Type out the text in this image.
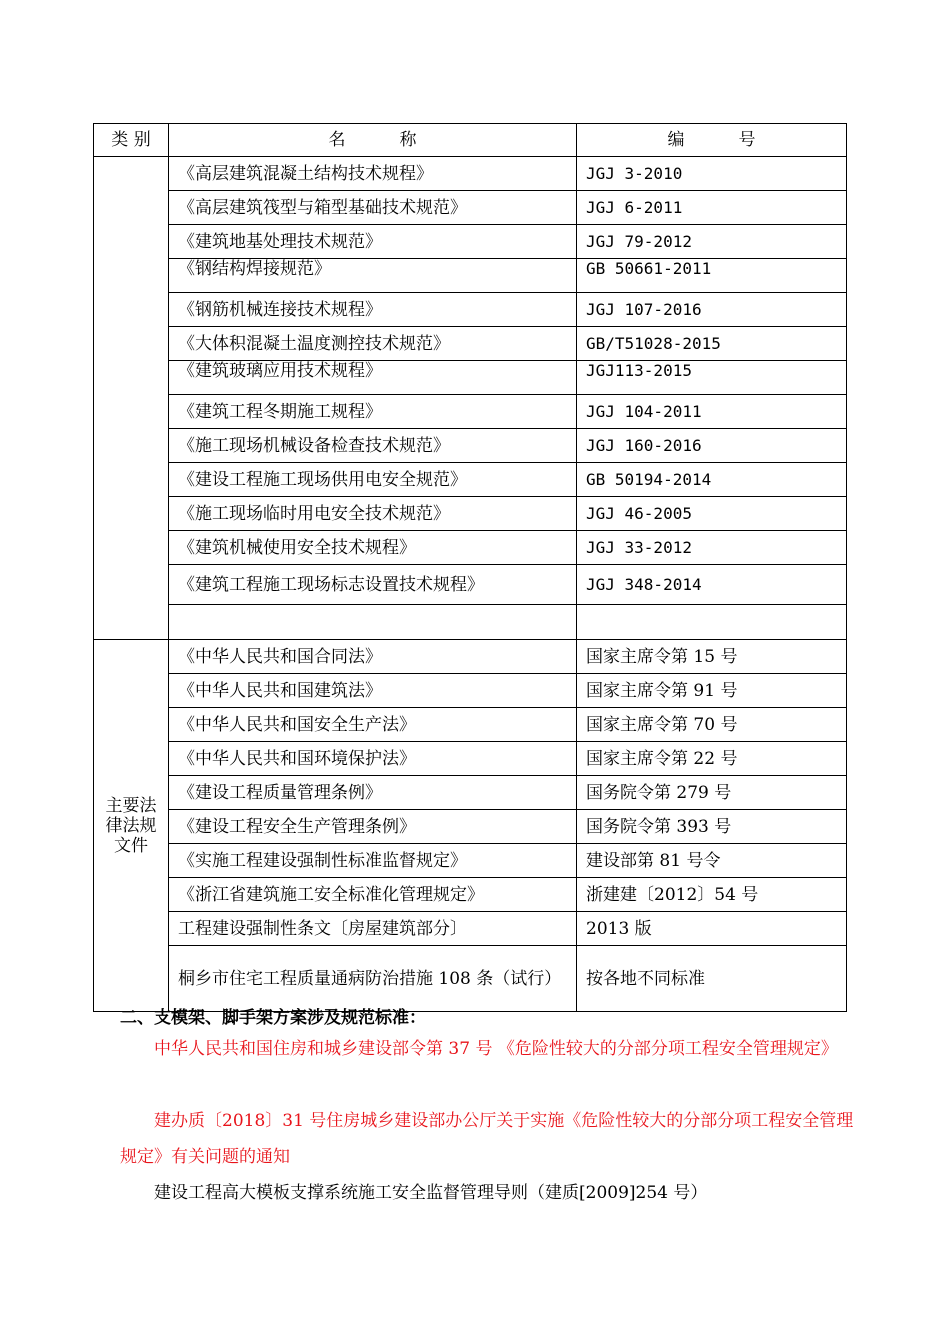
类 别	名          称	编          号
	《高层建筑混凝土结构技术规程》	JGJ 3-2010
	《高层建筑筏型与箱型基础技术规范》	JGJ 6-2011
	《建筑地基处理技术规范》	JGJ 79-2012
	《钢结构焊接规范》	GB 50661-2011
	《钢筋机械连接技术规程》	JGJ 107-2016
	《大体积混凝土温度测控技术规范》	GB/T51028-2015
	《建筑玻璃应用技术规程》	JGJ113-2015
	《建筑工程冬期施工规程》	JGJ 104-2011
	《施工现场机械设备检查技术规范》	JGJ 160-2016
	《建设工程施工现场供用电安全规范》	GB 50194-2014
	《施工现场临时用电安全技术规范》	JGJ 46-2005
	《建筑机械使用安全技术规程》	JGJ 33-2012
	《建筑工程施工现场标志设置技术规程》	JGJ 348-2014

主要法律法规文件	《中华人民共和国合同法》	国家主席令第 15 号
	《中华人民共和国建筑法》	国家主席令第 91 号
	《中华人民共和国安全生产法》	国家主席令第 70 号
	《中华人民共和国环境保护法》	国家主席令第 22 号
	《建设工程质量管理条例》	国务院令第 279 号
	《建设工程安全生产管理条例》	国务院令第 393 号
	《实施工程建设强制性标准监督规定》	建设部第 81 号令
	《浙江省建筑施工安全标准化管理规定》	浙建建〔2012〕54 号
	工程建设强制性条文〔房屋建筑部分〕	2013 版
	桐乡市住宅工程质量通病防治措施 108 条（试行）	按各地不同标准
二、支模架、脚手架方案涉及规范标准：
中华人民共和国住房和城乡建设部令第 37 号 《危险性较大的分部分项工程安全管理规定》
建办质〔2018〕31 号住房城乡建设部办公厅关于实施《危险性较大的分部分项工程安全管理规定》有关问题的通知
建设工程高大模板支撑系统施工安全监督管理导则（建质[2009]254 号）
